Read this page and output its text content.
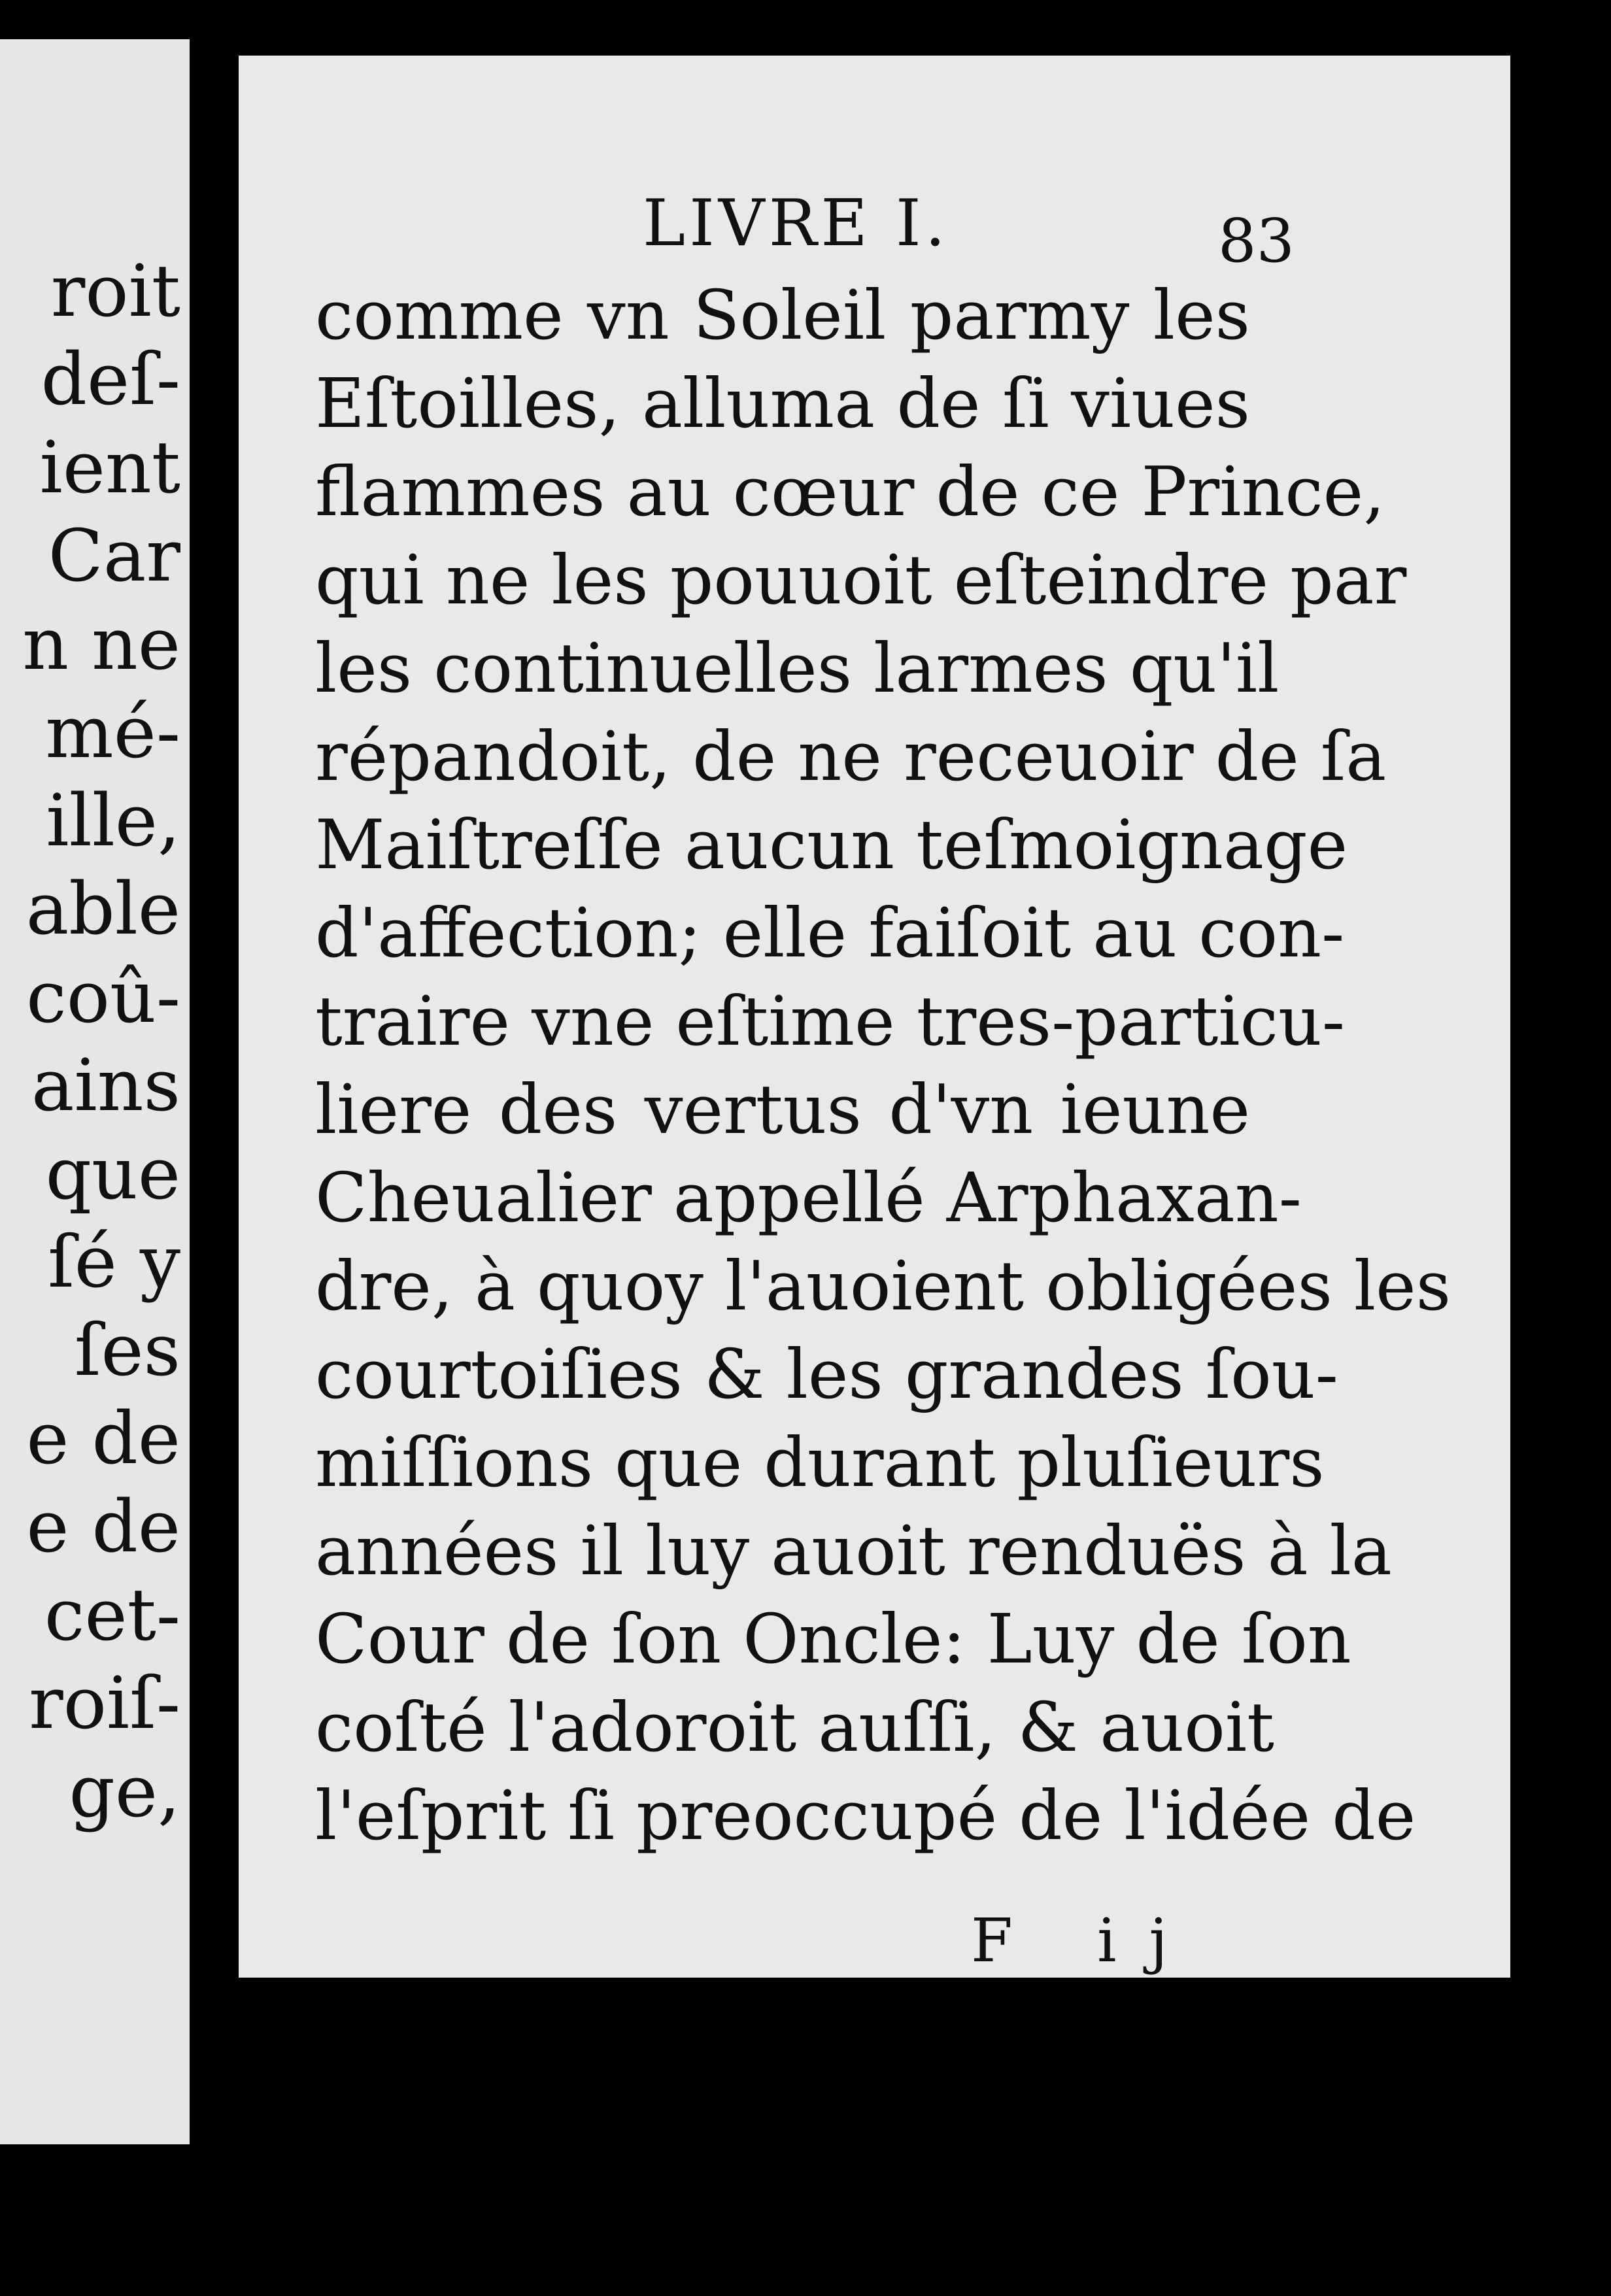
roit
deſ-
ient
Car
n ne
mé-
ille,
able
coû-
ains
que
ſé y
ſes
e de
e de
cet-
roiſ-
ge,
LIVRE I.	83
comme vn Soleil parmy les
Eſtoilles, alluma de ſi viues
flammes au cœur de ce Prince,
qui ne les pouuoit eſteindre par
les continuelles larmes qu'il
répandoit, de ne receuoir de ſa
Maiſtreſſe aucun teſmoignage
d'affection; elle faiſoit au con-
traire vne eſtime tres-particu-
liere des vertus d'vn ieune
Cheualier appellé Arphaxan-
dre, à quoy l'auoient obligées les
courtoiſies & les grandes ſou-
miſſions que durant pluſieurs
années il luy auoit renduës à la
Cour de ſon Oncle: Luy de ſon
coſté l'adoroit auſſi, & auoit
l'eſprit ſi preoccupé de l'idée de
F ij
